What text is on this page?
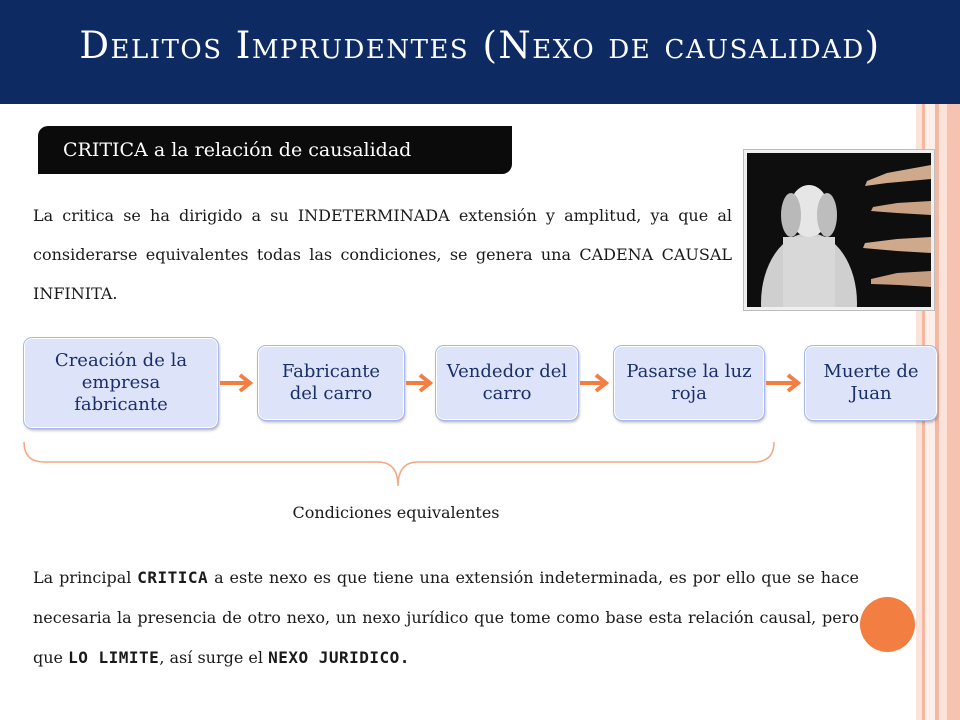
Delitos Imprudentes (Nexo de causalidad)
CRITICA a la relación de causalidad

La critica se ha dirigido a su INDETERMINADA extensión y amplitud, ya que al considerarse equivalentes todas las condiciones, se genera una CADENA CAUSAL INFINITA.

Creación de la empresa fabricante
Fabricante del carro
Vendedor del carro
Pasarse la luz roja
Muerte de Juan
Condiciones equivalentes

La principal CRITICA a este nexo es que tiene una extensión indeterminada, es por ello que se hace necesaria la presencia de otro nexo, un nexo jurídico que tome como base esta relación causal, pero que LO LIMITE, así surge el NEXO JURIDICO.
